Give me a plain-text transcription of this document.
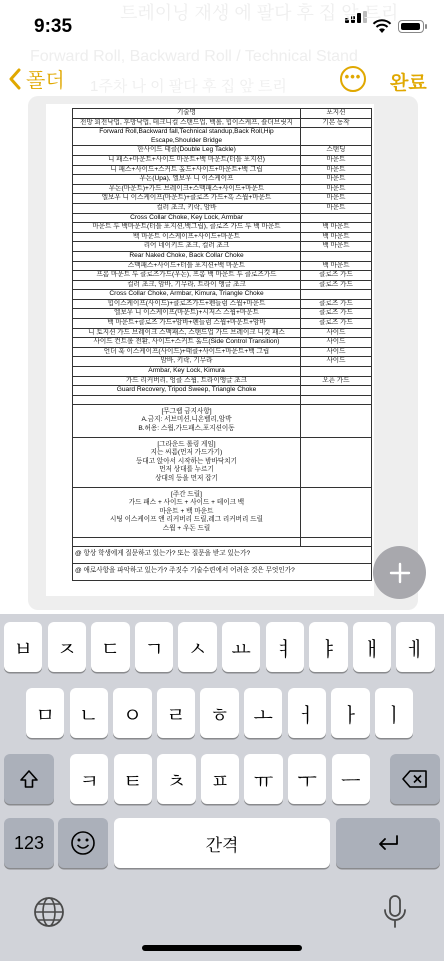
9:35
트레이닝 재생 에 팔다 후 집 앞 트리
Forward Roll, Backward Roll / Technical Stand
1주차 나 이 팔다 후 집 앞 트리
폴더	••• 완료
기술명	포지션
전방 회전낙법, 후방낙법, 테크니컬 스탠드업, 백롤, 힙이스케프, 숄더브릿지	기본 동작
Forward Roll,Backward fall,Technical standup,Back Roll,Hip Escape,Shoulder Bridge	
한사이드 태클(Double Leg Tackle)	스탠딩
니 패스+마운트+사이드 마운트+백 마운트(터틀 포지션)	마운트
니 패스+사이드+스커트 홀드+사이드+마운트+백 그립	마운트
우돈(Upa), 엘보우 니 이스케이프	마운트
우돈(마운트)+가드 브레이크+스맥패스+사이드+마운트	마운트
엘보우 니 이스케이프(마운트)+클로즈 가드+흑 스윕+마운트	마운트
컬러 초크, 키락, 암바	마운트
Cross Collar Choke, Key Lock, Armbar	
마운트 투 백마운트(터틀 포지션,백그립), 클로즈 가드 투 백 마운트	백 마운트
백 마운트 이스케이프+사이드+마운트	백 마운트
리어 네이키드 초크, 컬러 초크	백 마운트
Rear Naked Choke, Back Collar Choke	
스맥패스+사이드+터틀 포지션+백 마운트	백 마운트
프롬 마운트 투 클로즈가드(우돈), 프롬 백 마운트 투 클로즈가드	클로즈 가드
컬러 초크, 암바, 기무라, 트라이 앵글 초크	클로즈 가드
Cross Collar Choke, Armbar, Kimura, Triangle Choke	
힙이스케이프(사이드)+클로즈가드+펜들럼 스윕+마운트	클로즈 가드
엘보우 니 이스케이프(마운트)+시저스 스윕+마운트	클로즈 가드
백 마운트+클로즈 가드+암바+펜들럼 스윕+마운트+암바	클로즈 가드
니 토지션 가드 브레이크 스맥패스, 스탠드업 가드 브레이크 니컷 패스	사이드
사이드 컨트롤 전환, 사이드+스커트 홀드(Side Control Transition)	사이드
언더 훅 이스케이프(사이드)+태클+사이드+마운트+백 그립	사이드
암바, 키락, 기무라	사이드
Armbar, Key Lock, Kimura	
가드 리커버리, 엉클 스윕, 트라이앵글 초크	오픈 가드
Guard Recovery, Tripod Sweep, Triangle Choke	

[무그랩 금지사항]
A.금지: 서브미션,니온벨리,암박
B.허용: 스윕,가드패스,포지션이동	

[그라운드 롤링 게임]
지는 씨름(먼저 가드가기)
등대고 앉아서 시작하는 밤바닥치기
먼저 상대를 누르기
상대의 등을 먼저 잡기	

[주간 드릴]
가드 패스 + 사이드 + 사이드 + 테이크 백
마운트 + 백 마운트
시팅 이스케이프 앤 리커버리 드릴,레그 리커버리 드릴
스윕 + 우돈 드릴	

@ 항상 학생에게 질문하고 있는가? 또는 질문을 받고 있는가?	
@ 애로사항을 파악하고 있는가? 주짓수 기술수련에서 어려운 것은 무엇인가?	
ㅂ	ㅈ	ㄷ	ㄱ	ㅅ	ㅛ	ㅕ	ㅑ	ㅐ	ㅔ
ㅁ	ㄴ	ㅇ	ㄹ	ㅎ	ㅗ	ㅓ	ㅏ	ㅣ
ㅋ	ㅌ	ㅊ	ㅍ	ㅠ	ㅜ	ㅡ
123	간격
